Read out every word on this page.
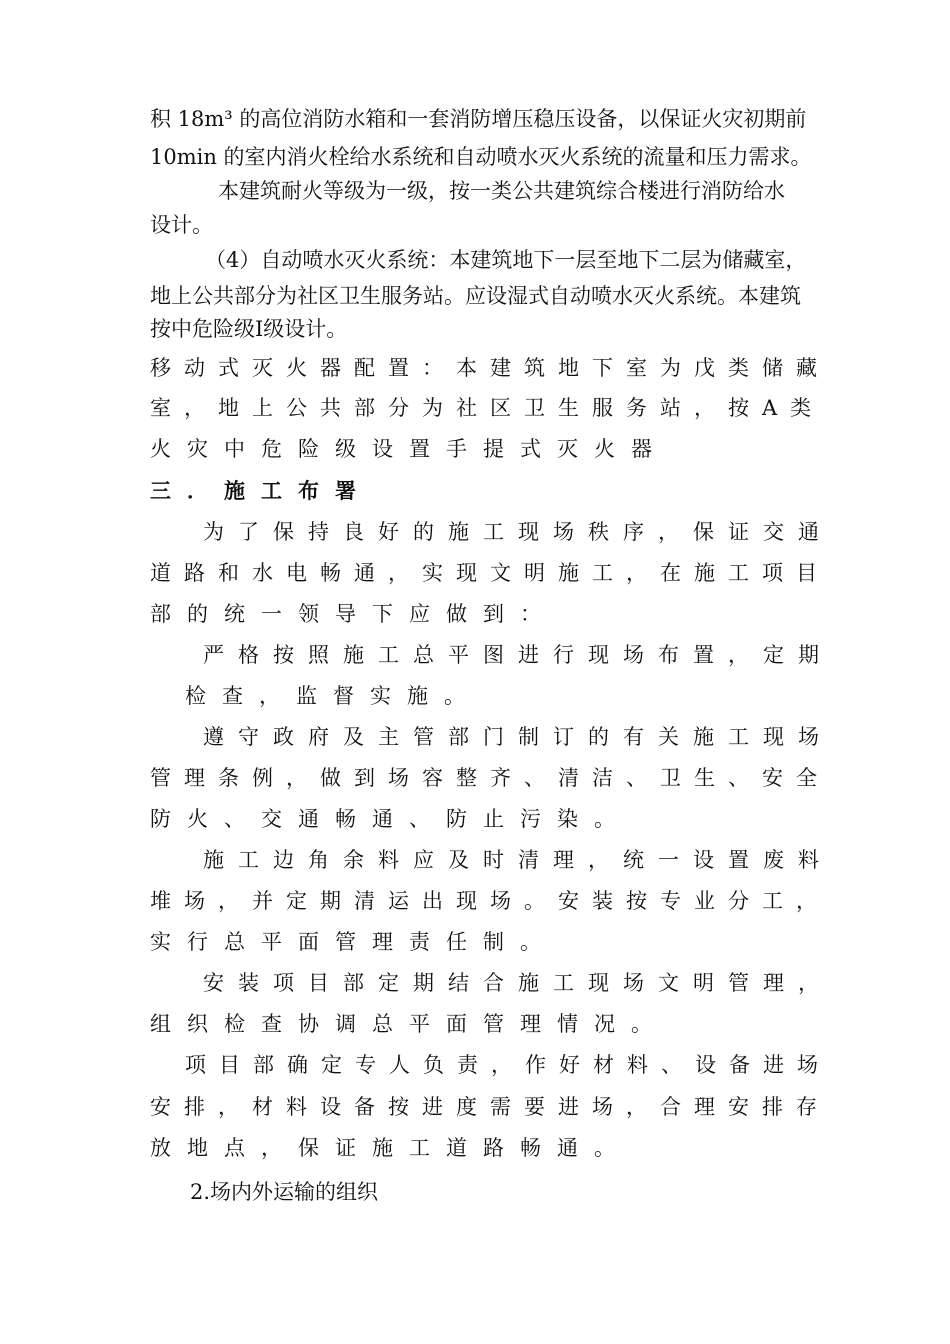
积 18m³ 的高位消防水箱和一套消防增压稳压设备，以保证火灾初期前
10min 的室内消火栓给水系统和自动喷水灭火系统的流量和压力需求。
本建筑耐火等级为一级，按一类公共建筑综合楼进行消防给水
设计。
（4）自动喷水灭火系统：本建筑地下一层至地下二层为储藏室，
地上公共部分为社区卫生服务站。应设湿式自动喷水灭火系统。本建筑
按中危险级Ⅰ级设计。
移动式灭火器配置：本建筑地下室为戊类储藏
室，地上公共部分为社区卫生服务站，按A类
火灾中危险级设置手提式灭火器
三．施工布署
为了保持良好的施工现场秩序，保证交通
道路和水电畅通，实现文明施工，在施工项目
部的统一领导下应做到：
严格按照施工总平图进行现场布置，定期
检查，监督实施。
遵守政府及主管部门制订的有关施工现场
管理条例，做到场容整齐、清洁、卫生、安全
防火、交通畅通、防止污染。
施工边角余料应及时清理，统一设置废料
堆场，并定期清运出现场。安装按专业分工，
实行总平面管理责任制。
安装项目部定期结合施工现场文明管理，
组织检查协调总平面管理情况。
项目部确定专人负责，作好材料、设备进场
安排，材料设备按进度需要进场，合理安排存
放地点，保证施工道路畅通。
2.场内外运输的组织
